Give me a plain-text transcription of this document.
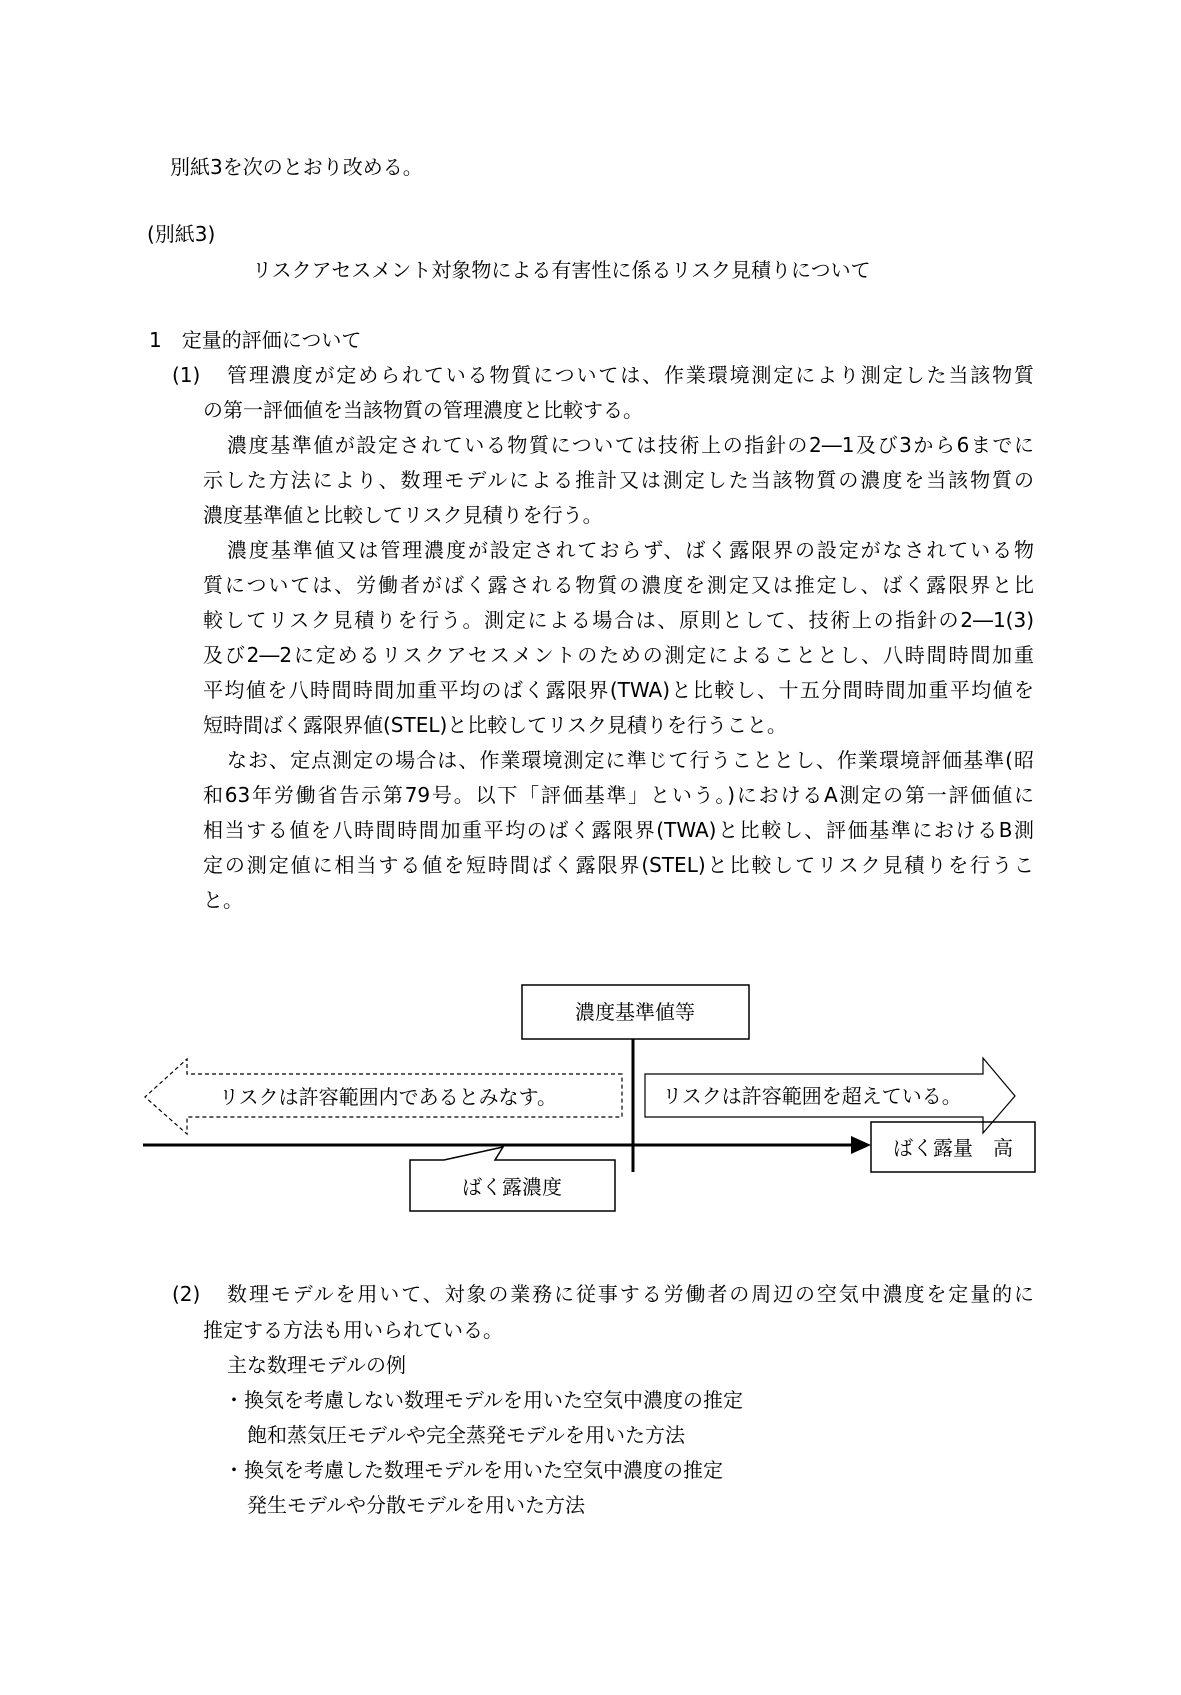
別紙3を次のとおり改める。
(別紙3)
リスクアセスメント対象物による有害性に係るリスク見積りについて
1　定量的評価について
(1) 管理濃度が定められている物質については、作業環境測定により測定した当該物質
の第一評価値を当該物質の管理濃度と比較する。
濃度基準値が設定されている物質については技術上の指針の2―1及び3から6までに
示した方法により、数理モデルによる推計又は測定した当該物質の濃度を当該物質の
濃度基準値と比較してリスク見積りを行う。
濃度基準値又は管理濃度が設定されておらず、ばく露限界の設定がなされている物
質については、労働者がばく露される物質の濃度を測定又は推定し、ばく露限界と比
較してリスク見積りを行う。測定による場合は、原則として、技術上の指針の2―1(3)
及び2―2に定めるリスクアセスメントのための測定によることとし、八時間時間加重
平均値を八時間時間加重平均のばく露限界(TWA)と比較し、十五分間時間加重平均値を
短時間ばく露限界値(STEL)と比較してリスク見積りを行うこと。
なお、定点測定の場合は、作業環境測定に準じて行うこととし、作業環境評価基準(昭
和63年労働省告示第79号。以下「評価基準」という。)におけるA測定の第一評価値に
相当する値を八時間時間加重平均のばく露限界(TWA)と比較し、評価基準におけるB測
定の測定値に相当する値を短時間ばく露限界(STEL)と比較してリスク見積りを行うこ
と。
濃度基準値等
リスクは許容範囲内であるとみなす。
ばく露量　高
リスクは許容範囲を超えている。
ばく露濃度
(2) 数理モデルを用いて、対象の業務に従事する労働者の周辺の空気中濃度を定量的に
推定する方法も用いられている。
主な数理モデルの例
・換気を考慮しない数理モデルを用いた空気中濃度の推定
飽和蒸気圧モデルや完全蒸発モデルを用いた方法
・換気を考慮した数理モデルを用いた空気中濃度の推定
発生モデルや分散モデルを用いた方法
